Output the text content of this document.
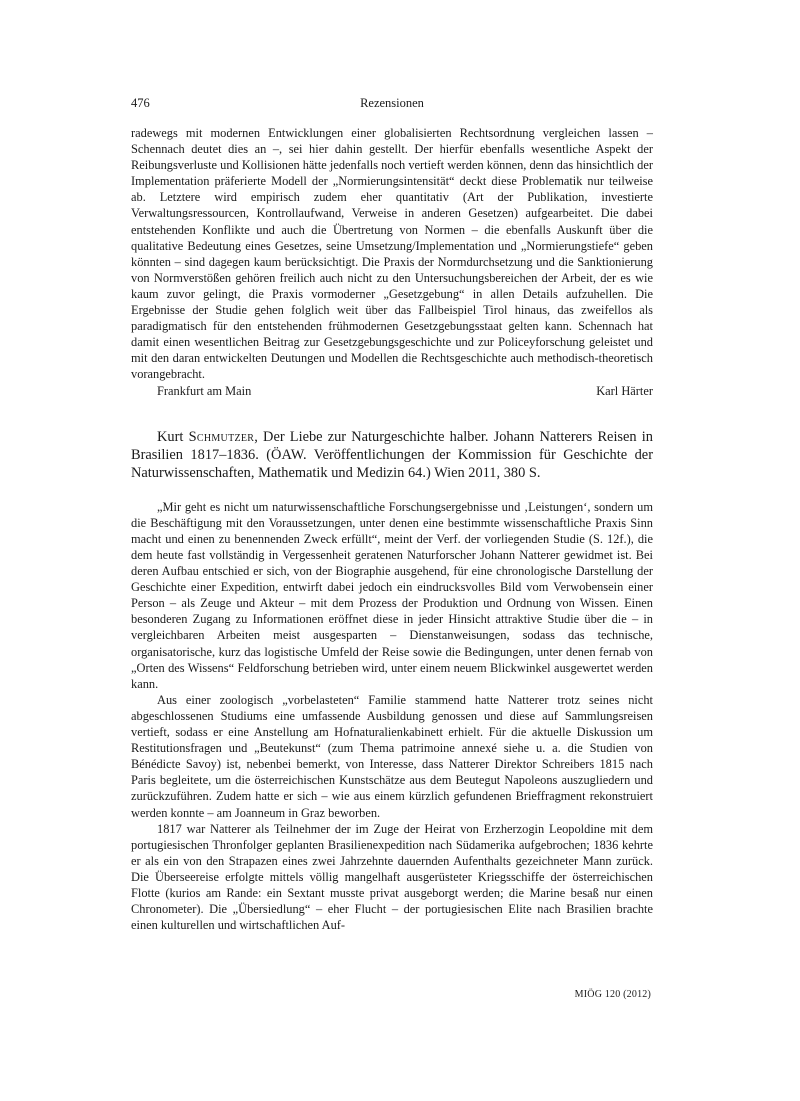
476	Rezensionen

radewegs mit modernen Entwicklungen einer globalisierten Rechtsordnung vergleichen lassen – Schennach deutet dies an –, sei hier dahin gestellt. Der hierfür ebenfalls wesentliche Aspekt der Reibungsverluste und Kollisionen hätte jedenfalls noch vertieft werden können, denn das hinsichtlich der Implementation präferierte Modell der „Normierungsintensität“ deckt diese Problematik nur teilweise ab. Letztere wird empirisch zudem eher quantitativ (Art der Publikation, investierte Verwaltungsressourcen, Kontrollaufwand, Verweise in anderen Gesetzen) aufgearbeitet. Die dabei entstehenden Konflikte und auch die Übertretung von Normen – die ebenfalls Auskunft über die qualitative Bedeutung eines Gesetzes, seine Umsetzung/Implementation und „Normierungstiefe“ geben könnten – sind dagegen kaum berücksichtigt. Die Praxis der Normdurchsetzung und die Sanktionierung von Normverstößen gehören freilich auch nicht zu den Untersuchungsbereichen der Arbeit, der es wie kaum zuvor gelingt, die Praxis vormoderner „Gesetzgebung“ in allen Details aufzuhellen. Die Ergebnisse der Studie gehen folglich weit über das Fallbeispiel Tirol hinaus, das zweifellos als paradigmatisch für den entstehenden frühmodernen Gesetzgebungsstaat gelten kann. Schennach hat damit einen wesentlichen Beitrag zur Gesetzgebungsgeschichte und zur Policeyforschung geleistet und mit den daran entwickelten Deutungen und Modellen die Rechtsgeschichte auch methodisch-theoretisch vorangebracht.

Frankfurt am Main	Karl Härter
Kurt Schmutzer, Der Liebe zur Naturgeschichte halber. Johann Natterers Reisen in Brasilien 1817–1836. (ÖAW. Veröffentlichungen der Kommission für Geschichte der Naturwissenschaften, Mathematik und Medizin 64.) Wien 2011, 380 S.

„Mir geht es nicht um naturwissenschaftliche Forschungsergebnisse und ‚Leistungen‘, sondern um die Beschäftigung mit den Voraussetzungen, unter denen eine bestimmte wissenschaftliche Praxis Sinn macht und einen zu benennenden Zweck erfüllt“, meint der Verf. der vorliegenden Studie (S. 12f.), die dem heute fast vollständig in Vergessenheit geratenen Naturforscher Johann Natterer gewidmet ist. Bei deren Aufbau entschied er sich, von der Biographie ausgehend, für eine chronologische Darstellung der Geschichte einer Expedition, entwirft dabei jedoch ein eindrucksvolles Bild vom Verwobensein einer Person – als Zeuge und Akteur – mit dem Prozess der Produktion und Ordnung von Wissen. Einen besonderen Zugang zu Informationen eröffnet diese in jeder Hinsicht attraktive Studie über die – in vergleichbaren Arbeiten meist ausgesparten – Dienstanweisungen, sodass das technische, organisatorische, kurz das logistische Umfeld der Reise sowie die Bedingungen, unter denen fernab von „Orten des Wissens“ Feldforschung betrieben wird, unter einem neuem Blickwinkel ausgewertet werden kann.

Aus einer zoologisch „vorbelasteten“ Familie stammend hatte Natterer trotz seines nicht abgeschlossenen Studiums eine umfassende Ausbildung genossen und diese auf Sammlungsreisen vertieft, sodass er eine Anstellung am Hofnaturalienkabinett erhielt. Für die aktuelle Diskussion um Restitutionsfragen und „Beutekunst“ (zum Thema patrimoine annexé siehe u. a. die Studien von Bénédicte Savoy) ist, nebenbei bemerkt, von Interesse, dass Natterer Direktor Schreibers 1815 nach Paris begleitete, um die österreichischen Kunstschätze aus dem Beutegut Napoleons auszugliedern und zurückzuführen. Zudem hatte er sich – wie aus einem kürzlich gefundenen Brieffragment rekonstruiert werden konnte – am Joanneum in Graz beworben.

1817 war Natterer als Teilnehmer der im Zuge der Heirat von Erzherzogin Leopoldine mit dem portugiesischen Thronfolger geplanten Brasilienexpedition nach Südamerika aufgebrochen; 1836 kehrte er als ein von den Strapazen eines zwei Jahrzehnte dauernden Aufenthalts gezeichneter Mann zurück. Die Überseereise erfolgte mittels völlig mangelhaft ausgerüsteter Kriegsschiffe der österreichischen Flotte (kurios am Rande: ein Sextant musste privat ausgeborgt werden; die Marine besaß nur einen Chronometer). Die „Übersiedlung“ – eher Flucht – der portugiesischen Elite nach Brasilien brachte einen kulturellen und wirtschaftlichen Auf-

MIÖG 120 (2012)
